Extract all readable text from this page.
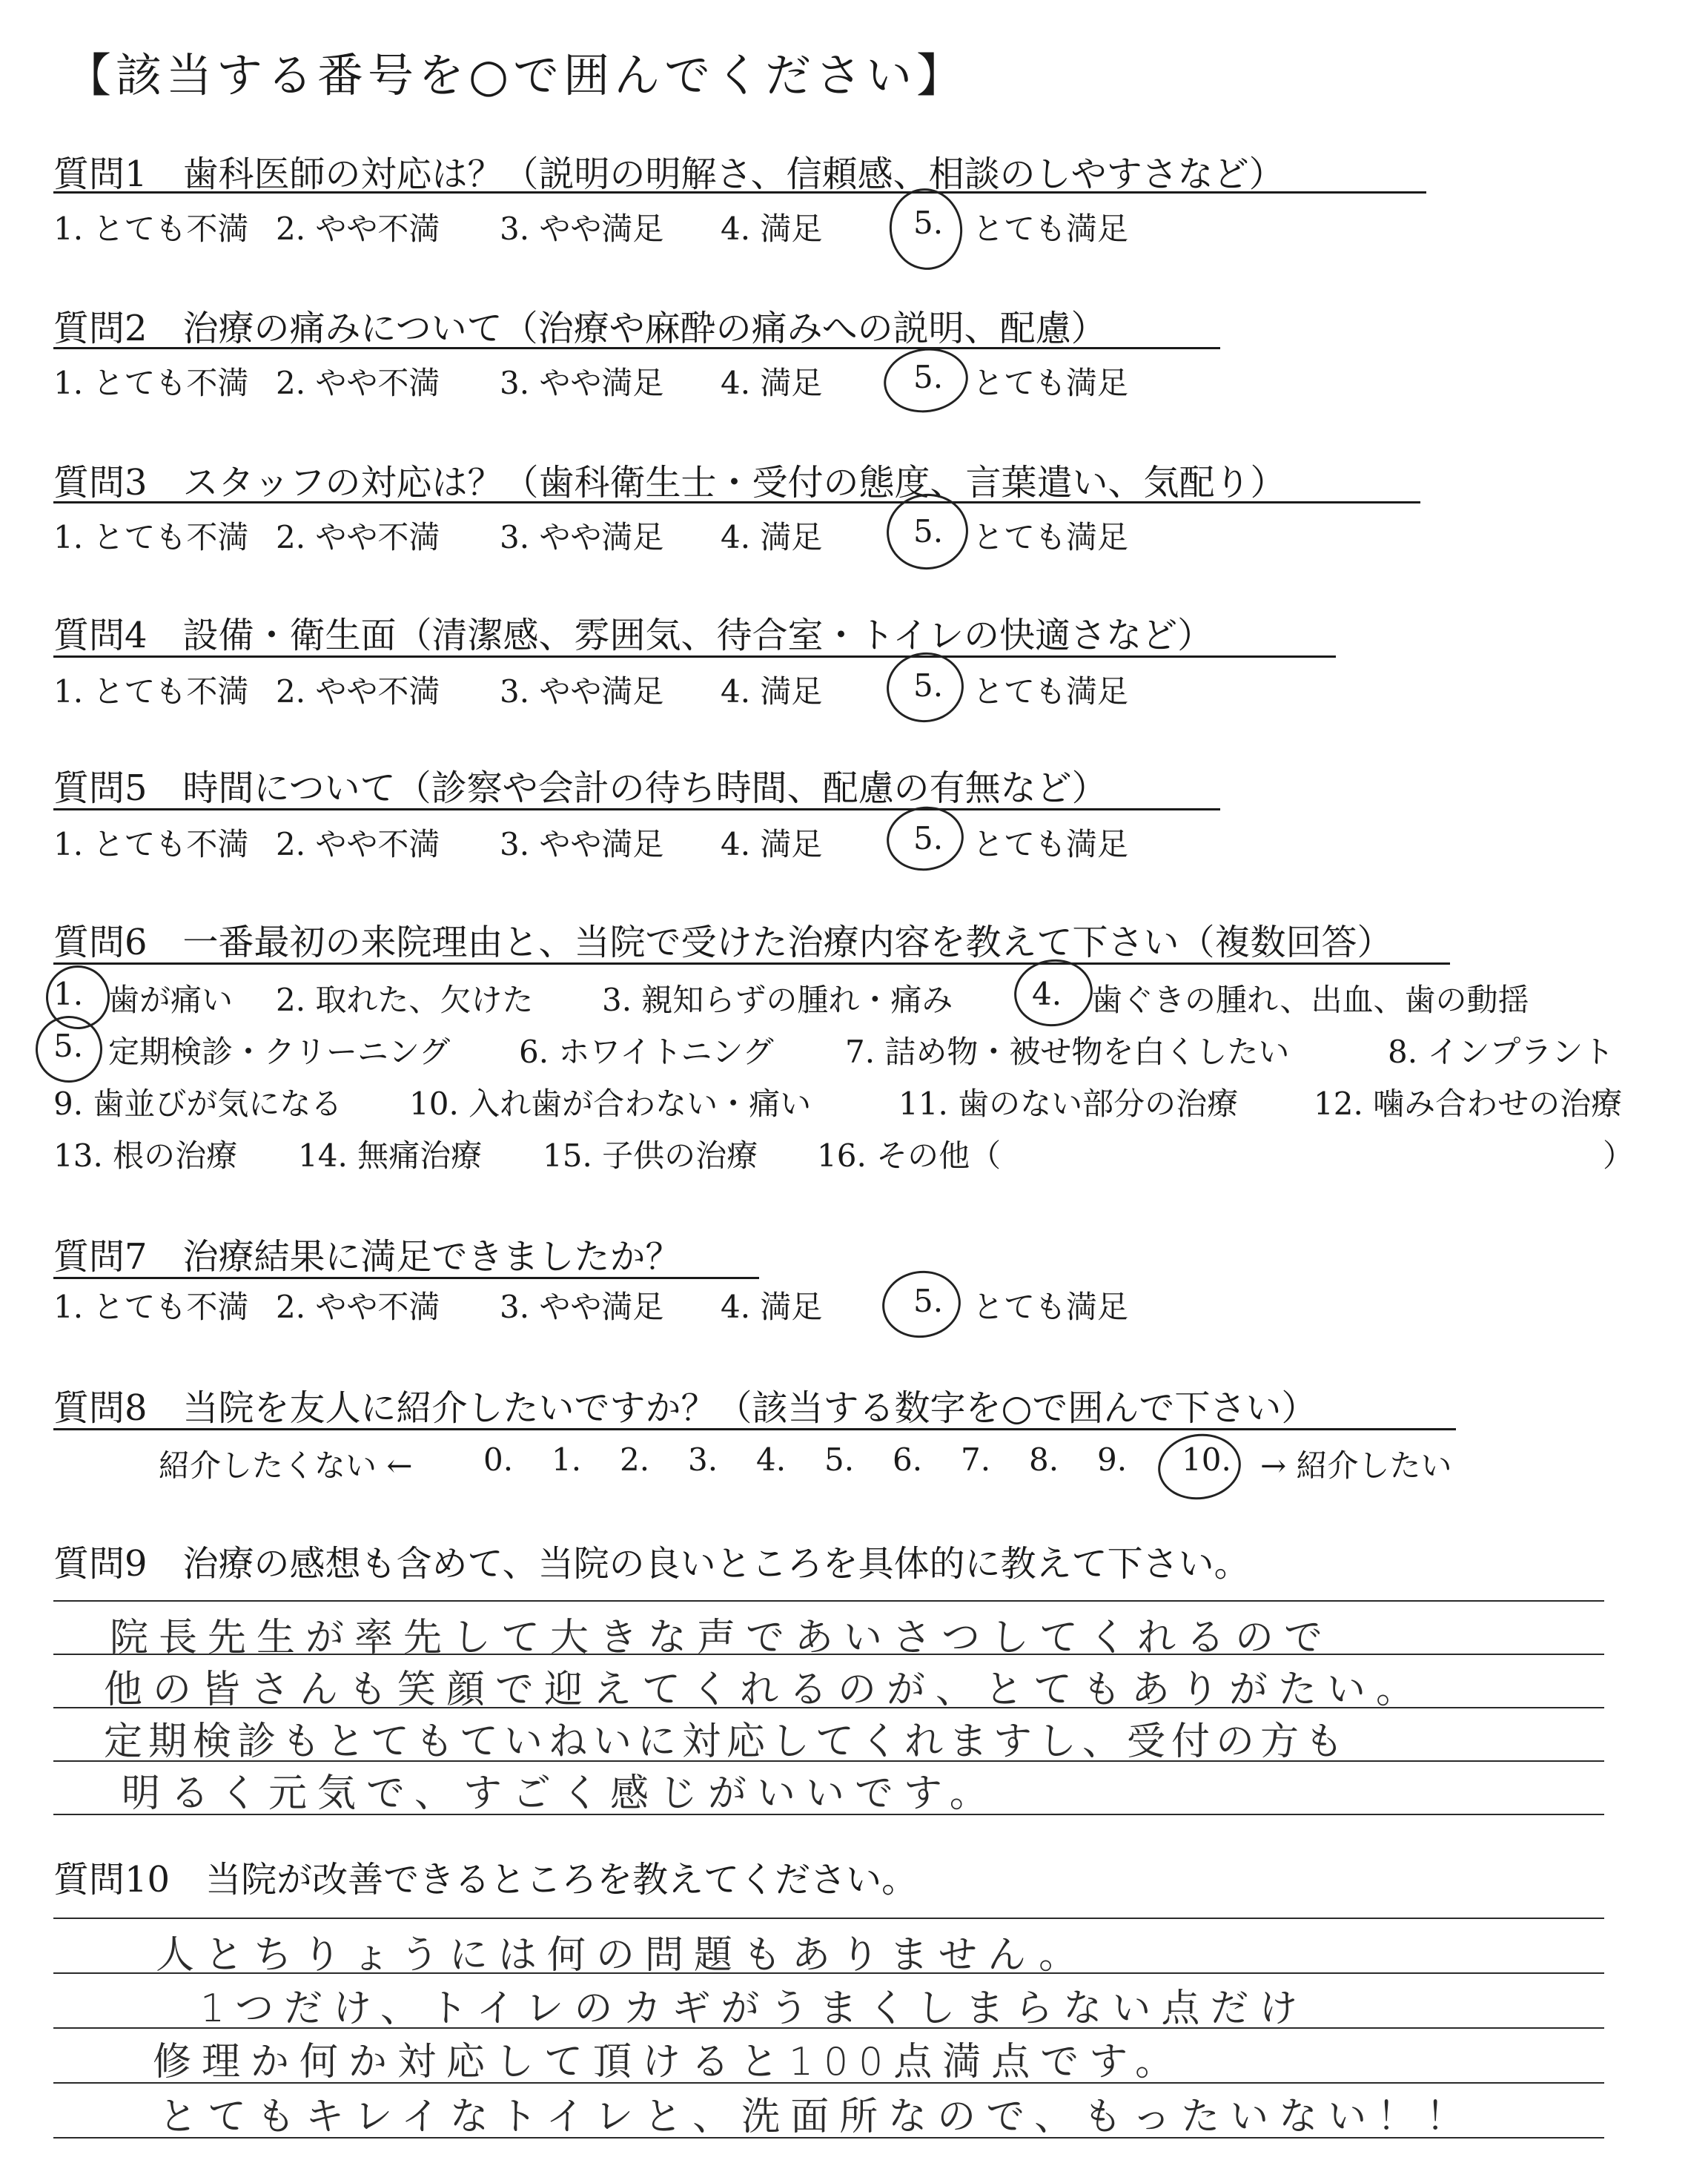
【該当する番号を○で囲んでください】
質問1　歯科医師の対応は？（説明の明解さ、信頼感、相談のしやすさなど）
1. とても不満 2. やや不満 3. やや満足 4. 満足	5. とても満足
質問2　治療の痛みについて（治療や麻酔の痛みへの説明、配慮）
1. とても不満 2. やや不満 3. やや満足 4. 満足	5. とても満足
質問3　スタッフの対応は？（歯科衛生士・受付の態度、言葉遣い、気配り）
1. とても不満 2. やや不満 3. やや満足 4. 満足	5. とても満足
質問4　設備・衛生面（清潔感、雰囲気、待合室・トイレの快適さなど）
1. とても不満 2. やや不満 3. やや満足 4. 満足	5. とても満足
質問5　時間について（診察や会計の待ち時間、配慮の有無など）
1. とても不満 2. やや不満 3. やや満足 4. 満足	5. とても満足
質問6　一番最初の来院理由と、当院で受けた治療内容を教えて下さい（複数回答）
1. 歯が痛い 2. 取れた、欠けた 3. 親知らずの腫れ・痛み	4. 歯ぐきの腫れ、出血、歯の動揺
5. 定期検診・クリーニング 6. ホワイトニング 7. 詰め物・被せ物を白くしたい	8. インプラント
9. 歯並びが気になる 10. 入れ歯が合わない・痛い	11. 歯のない部分の治療 12. 噛み合わせの治療
13. 根の治療 14. 無痛治療 15. 子供の治療 16. その他（	）
質問7　治療結果に満足できましたか？
1. とても不満 2. やや不満 3. やや満足 4. 満足	5. とても満足
質問8　当院を友人に紹介したいですか？（該当する数字を○で囲んで下さい）
紹介したくない ← 0. 1. 2. 3. 4. 5. 6. 7. 8. 9. 10. → 紹介したい
質問9　治療の感想も含めて、当院の良いところを具体的に教えて下さい。
院長先生が率先して大きな声であいさつしてくれるので
他の皆さんも笑顔で迎えてくれるのが、とてもありがたい。
定期検診もとてもていねいに対応してくれますし、受付の方も
明るく元気で、すごく感じがいいです。
質問10　当院が改善できるところを教えてください。
人とちりょうには何の問題もありません。
1つだけ、トイレのカギがうまくしまらない点だけ
修理か何か対応して頂けると100点満点です。
とてもキレイなトイレと、洗面所なので、もったいない！！
